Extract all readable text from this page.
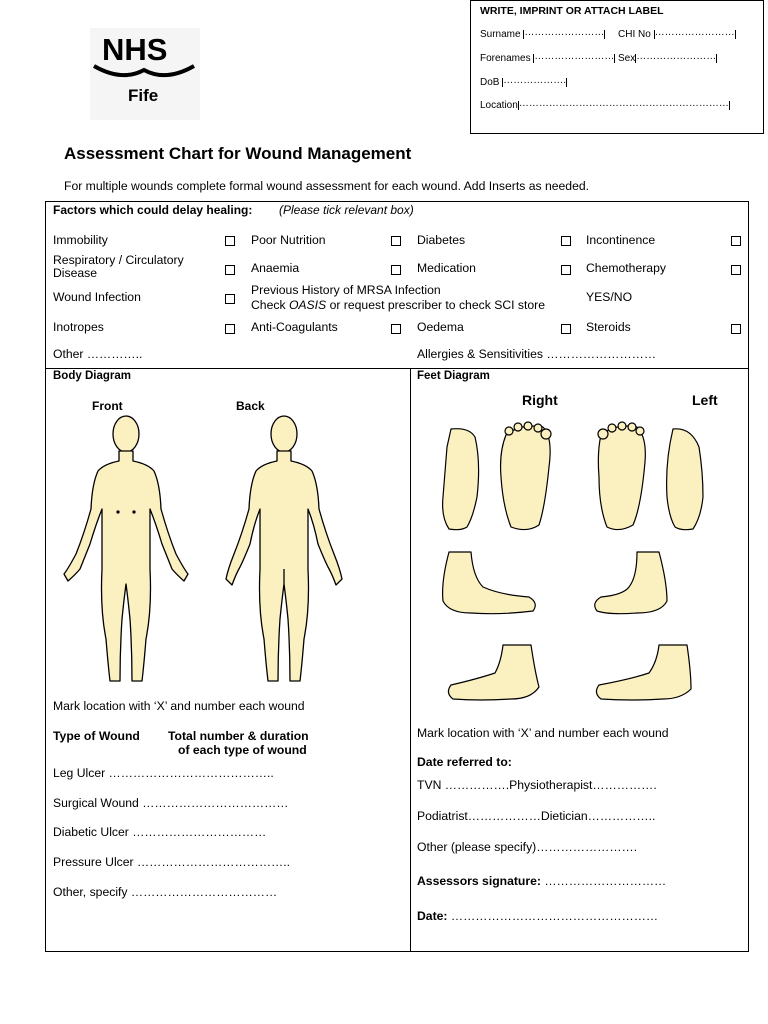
NHS
Fife
WRITE, IMPRINT OR ATTACH LABEL
Surname …………………… CHI No ……………………
Forenames …………………… Sex……………………
DoB ……………….
Location………………………………………………………
Assessment Chart for Wound Management
For multiple wounds complete formal wound assessment for each wound. Add Inserts as needed.
Factors which could delay healing: (Please tick relevant box)
Immobility	Poor Nutrition	Diabetes	Incontinence
Respiratory / Circulatory
Disease	Anaemia	Medication	Chemotherapy
Wound Infection	Previous History of MRSA Infection
Check OASIS or request prescriber to check SCI store
YES/NO
Inotropes	Anti-Coagulants	Oedema	Steroids
Other …………..	Allergies & Sensitivities ………………………
Body Diagram
Front	Back
Mark location with ‘X’ and number each wound
Type of Wound Total number & duration
of each type of wound
Leg Ulcer …………………………………..
Surgical Wound ………………………………
Diabetic Ulcer ……………………………
Pressure Ulcer ………………………………..
Other, specify ………………………………
Feet Diagram
Right	Left
Mark location with ‘X’ and number each wound
Date referred to:
TVN …………….Physiotherapist…………….
Podiatrist………………Dietician……………..
Other (please specify)…………………….
Assessors signature: …………………………
Date: ……………………………………………
